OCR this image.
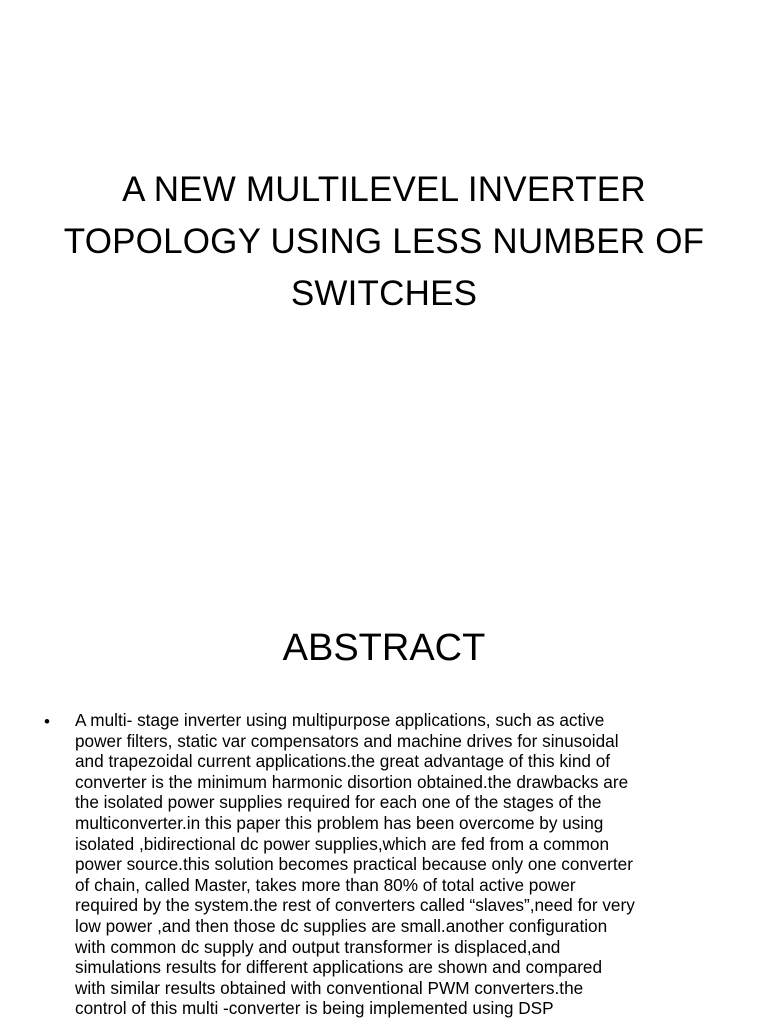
A NEW MULTILEVEL INVERTER
TOPOLOGY USING LESS NUMBER OF
SWITCHES
ABSTRACT
• A multi- stage inverter using multipurpose applications, such as active
power filters, static var compensators and machine drives for sinusoidal
and trapezoidal current applications.the great advantage of this kind of
converter is the minimum harmonic disortion obtained.the drawbacks are
the isolated power supplies required for each one of the stages of the
multiconverter.in this paper this problem has been overcome by using
isolated ,bidirectional dc power supplies,which are fed from a common
power source.this solution becomes practical because only one converter
of chain, called Master, takes more than 80% of total active power
required by the system.the rest of converters called “slaves”,need for very
low power ,and then those dc supplies are small.another configuration
with common dc supply and output transformer is displaced,and
simulations results for different applications are shown and compared
with similar results obtained with conventional PWM converters.the
control of this multi -converter is being implemented using DSP
